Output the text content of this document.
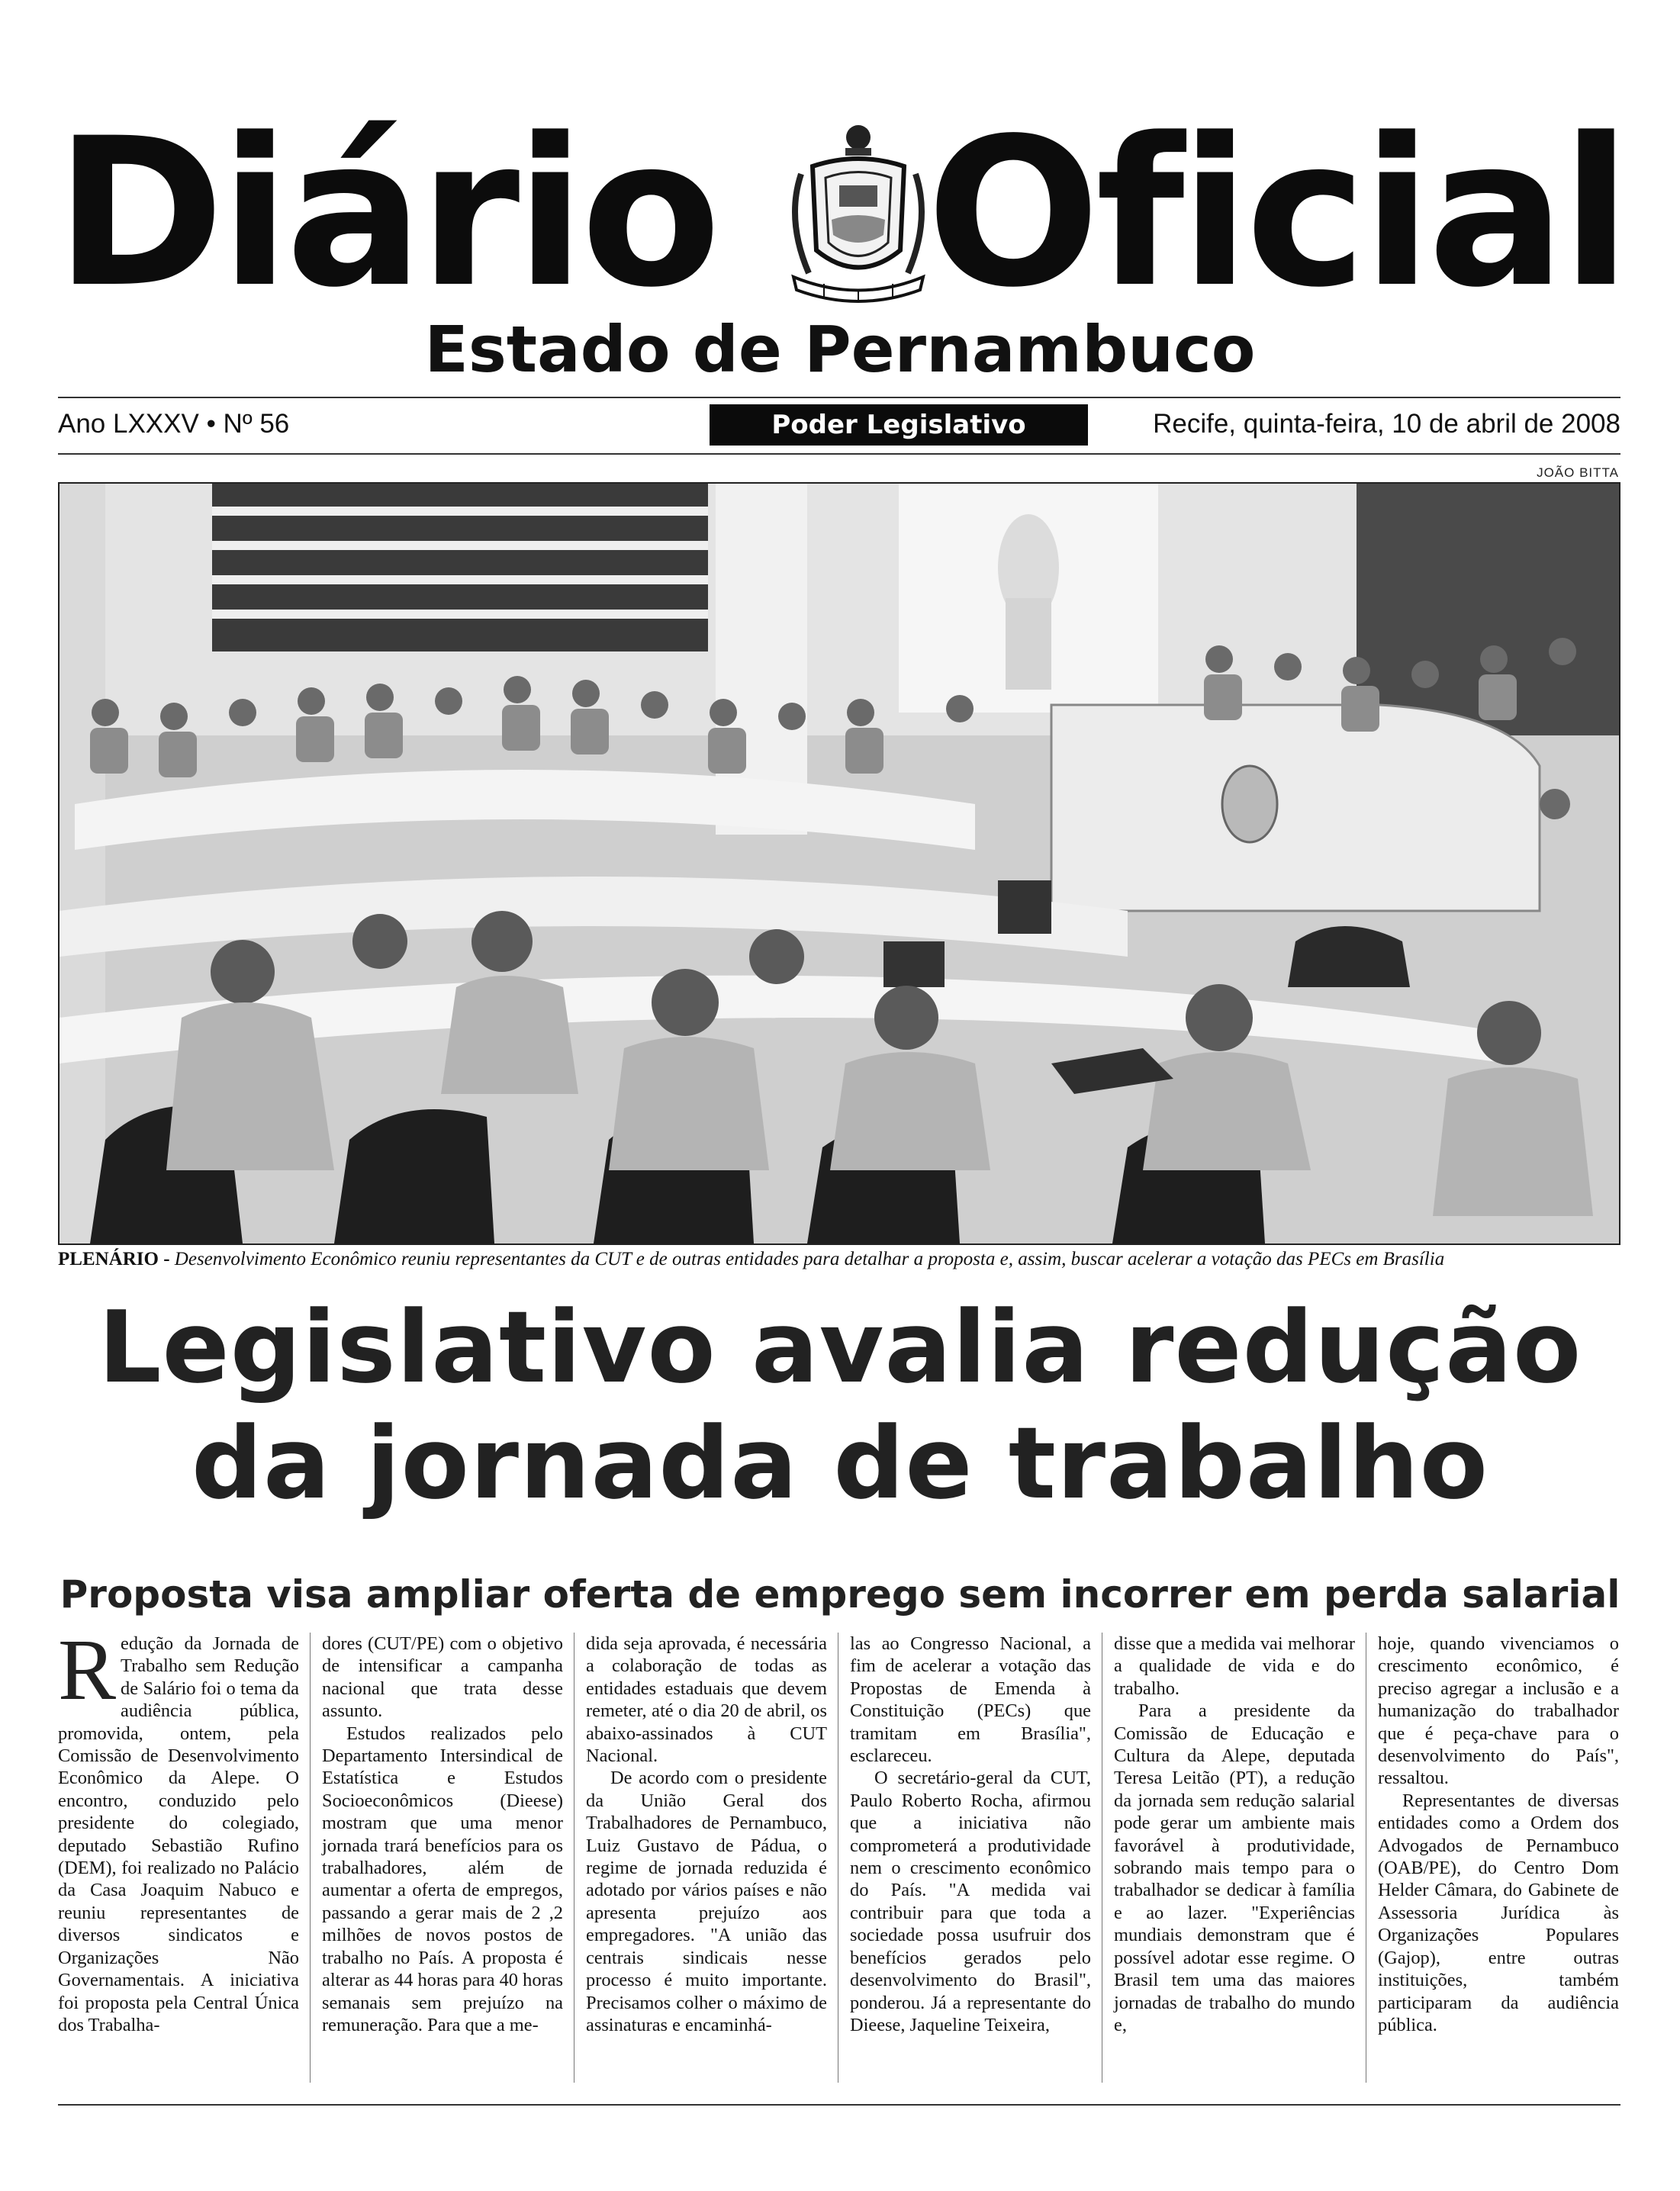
Diário Oficial
Estado de Pernambuco
Ano LXXXV • Nº 56	Poder Legislativo	Recife, quinta-feira, 10 de abril de 2008
JOÃO BITTA
PLENÁRIO - Desenvolvimento Econômico reuniu representantes da CUT e de outras entidades para detalhar a proposta e, assim, buscar acelerar a votação das PECs em Brasília
Legislativo avalia redução
da jornada de trabalho
Proposta visa ampliar oferta de emprego sem incorrer em perda salarial

Redução da Jornada de Trabalho sem Redução de Salário foi o tema da audiência pública, promovida, ontem, pela Comissão de Desenvolvimento Econômico da Alepe. O encontro, conduzido pelo presidente do colegiado, deputado Sebastião Rufino (DEM), foi realizado no Palácio da Casa Joaquim Nabuco e reuniu representantes de diversos sindicatos e Organizações Não Governamentais. A iniciativa foi proposta pela Central Única dos Trabalha-

dores (CUT/PE) com o objetivo de intensificar a campanha nacional que trata desse assunto.

Estudos realizados pelo Departamento Intersindical de Estatística e Estudos Socioeconômicos (Dieese) mostram que uma menor jornada trará benefícios para os trabalhadores, além de aumentar a oferta de empregos, passando a gerar mais de 2 ,2 milhões de novos postos de trabalho no País. A proposta é alterar as 44 horas para 40 horas semanais sem prejuízo na remuneração. Para que a me-

dida seja aprovada, é necessária a colaboração de todas as entidades estaduais que devem remeter, até o dia 20 de abril, os abaixo-assinados à CUT Nacional.

De acordo com o presidente da União Geral dos Trabalhadores de Pernambuco, Luiz Gustavo de Pádua, o regime de jornada reduzida é adotado por vários países e não apresenta prejuízo aos empregadores. "A união das centrais sindicais nesse processo é muito importante. Precisamos colher o máximo de assinaturas e encaminhá-

las ao Congresso Nacional, a fim de acelerar a votação das Propostas de Emenda à Constituição (PECs) que tramitam em Brasília", esclareceu.

O secretário-geral da CUT, Paulo Roberto Rocha, afirmou que a iniciativa não comprometerá a produtividade nem o crescimento econômico do País. "A medida vai contribuir para que toda a sociedade possa usufruir dos benefícios gerados pelo desenvolvimento do Brasil", ponderou. Já a representante do Dieese, Jaqueline Teixeira,

disse que a medida vai melhorar a qualidade de vida e do trabalho.

Para a presidente da Comissão de Educação e Cultura da Alepe, deputada Teresa Leitão (PT), a redução da jornada sem redução salarial pode gerar um ambiente mais favorável à produtividade, sobrando mais tempo para o trabalhador se dedicar à família e ao lazer. "Experiências mundiais demonstram que é possível adotar esse regime. O Brasil tem uma das maiores jornadas de trabalho do mundo e,

hoje, quando vivenciamos o crescimento econômico, é preciso agregar a inclusão e a humanização do trabalhador que é peça-chave para o desenvolvimento do País", ressaltou.

Representantes de diversas entidades como a Ordem dos Advogados de Pernambuco (OAB/PE), do Centro Dom Helder Câmara, do Gabinete de Assessoria Jurídica às Organizações Populares (Gajop), entre outras instituições, também participaram da audiência pública.
